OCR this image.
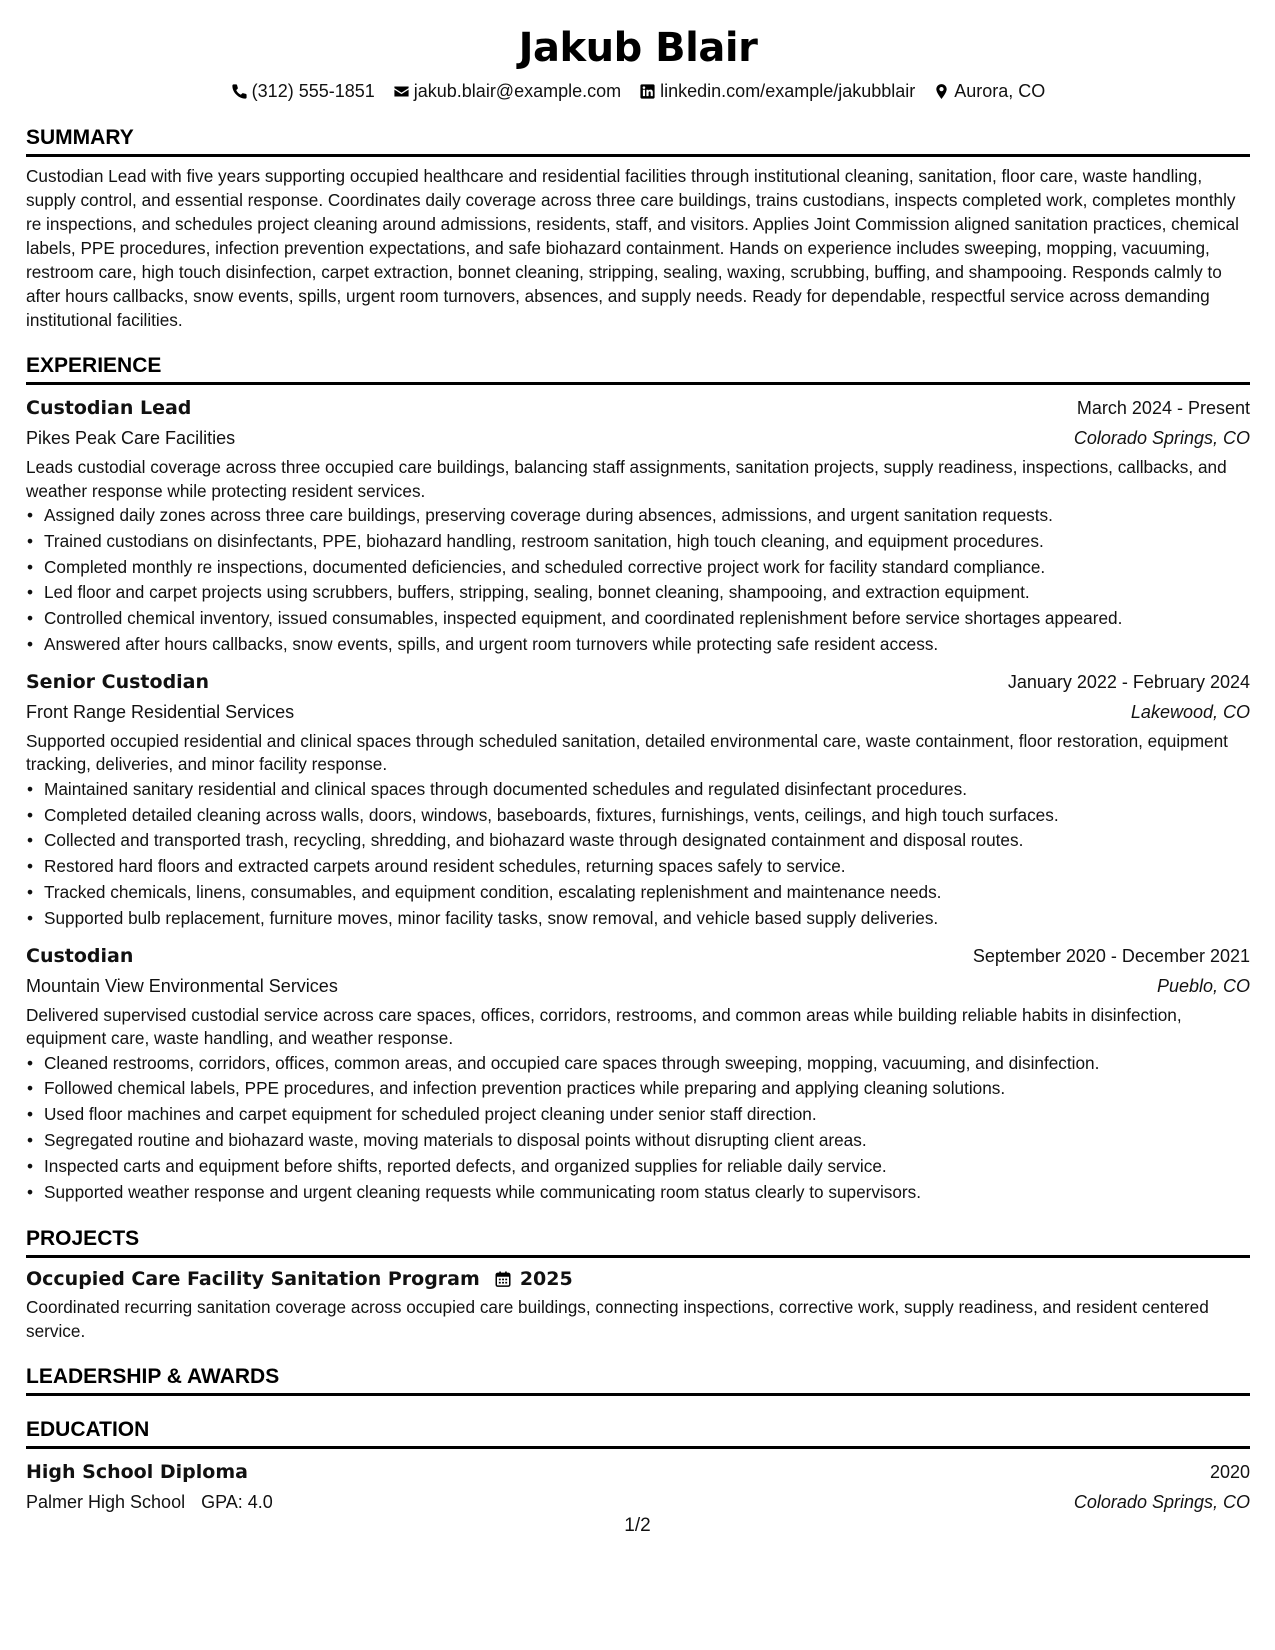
Jakub Blair
(312) 555-1851 jakub.blair@example.com linkedin.com/example/jakubblair Aurora, CO
SUMMARY
Custodian Lead with five years supporting occupied healthcare and residential facilities through institutional cleaning, sanitation, floor care, waste handling, supply control, and essential response. Coordinates daily coverage across three care buildings, trains custodians, inspects completed work, completes monthly re inspections, and schedules project cleaning around admissions, residents, staff, and visitors. Applies Joint Commission aligned sanitation practices, chemical labels, PPE procedures, infection prevention expectations, and safe biohazard containment. Hands on experience includes sweeping, mopping, vacuuming, restroom care, high touch disinfection, carpet extraction, bonnet cleaning, stripping, sealing, waxing, scrubbing, buffing, and shampooing. Responds calmly to after hours callbacks, snow events, spills, urgent room turnovers, absences, and supply needs. Ready for dependable, respectful service across demanding institutional facilities.
EXPERIENCE
Custodian Lead	March 2024 - Present
Pikes Peak Care Facilities	Colorado Springs, CO
Leads custodial coverage across three occupied care buildings, balancing staff assignments, sanitation projects, supply readiness, inspections, callbacks, and weather response while protecting resident services.
• Assigned daily zones across three care buildings, preserving coverage during absences, admissions, and urgent sanitation requests.
• Trained custodians on disinfectants, PPE, biohazard handling, restroom sanitation, high touch cleaning, and equipment procedures.
• Completed monthly re inspections, documented deficiencies, and scheduled corrective project work for facility standard compliance.
• Led floor and carpet projects using scrubbers, buffers, stripping, sealing, bonnet cleaning, shampooing, and extraction equipment.
• Controlled chemical inventory, issued consumables, inspected equipment, and coordinated replenishment before service shortages appeared.
• Answered after hours callbacks, snow events, spills, and urgent room turnovers while protecting safe resident access.
Senior Custodian	January 2022 - February 2024
Front Range Residential Services	Lakewood, CO
Supported occupied residential and clinical spaces through scheduled sanitation, detailed environmental care, waste containment, floor restoration, equipment tracking, deliveries, and minor facility response.
• Maintained sanitary residential and clinical spaces through documented schedules and regulated disinfectant procedures.
• Completed detailed cleaning across walls, doors, windows, baseboards, fixtures, furnishings, vents, ceilings, and high touch surfaces.
• Collected and transported trash, recycling, shredding, and biohazard waste through designated containment and disposal routes.
• Restored hard floors and extracted carpets around resident schedules, returning spaces safely to service.
• Tracked chemicals, linens, consumables, and equipment condition, escalating replenishment and maintenance needs.
• Supported bulb replacement, furniture moves, minor facility tasks, snow removal, and vehicle based supply deliveries.
Custodian	September 2020 - December 2021
Mountain View Environmental Services	Pueblo, CO
Delivered supervised custodial service across care spaces, offices, corridors, restrooms, and common areas while building reliable habits in disinfection, equipment care, waste handling, and weather response.
• Cleaned restrooms, corridors, offices, common areas, and occupied care spaces through sweeping, mopping, vacuuming, and disinfection.
• Followed chemical labels, PPE procedures, and infection prevention practices while preparing and applying cleaning solutions.
• Used floor machines and carpet equipment for scheduled project cleaning under senior staff direction.
• Segregated routine and biohazard waste, moving materials to disposal points without disrupting client areas.
• Inspected carts and equipment before shifts, reported defects, and organized supplies for reliable daily service.
• Supported weather response and urgent cleaning requests while communicating room status clearly to supervisors.
PROJECTS
Occupied Care Facility Sanitation Program 2025
Coordinated recurring sanitation coverage across occupied care buildings, connecting inspections, corrective work, supply readiness, and resident centered service.
LEADERSHIP & AWARDS
EDUCATION
High School Diploma	2020
Palmer High School GPA: 4.0	Colorado Springs, CO
1/2
